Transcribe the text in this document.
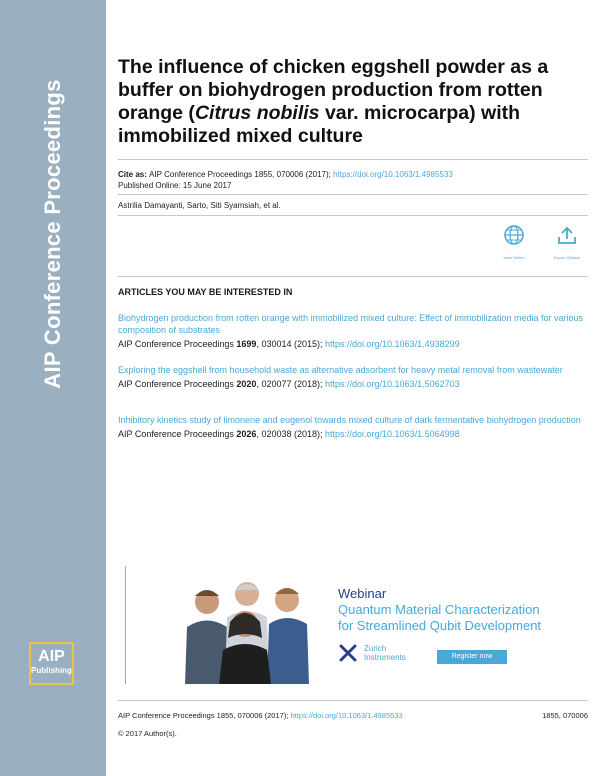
AIP Conference Proceedings
AIP
Publishing
The influence of chicken eggshell powder as a buffer on biohydrogen production from rotten orange (Citrus nobilis var. microcarpa) with immobilized mixed culture
Cite as: AIP Conference Proceedings 1855, 070006 (2017); https://doi.org/10.1063/1.4985533
Published Online: 15 June 2017
Astrilia Damayanti, Sarto, Siti Syamsiah, et al.
View Online	Export Citation
ARTICLES YOU MAY BE INTERESTED IN
Biohydrogen production from rotten orange with immobilized mixed culture: Effect of immobilization media for various composition of substrates
AIP Conference Proceedings 1699, 030014 (2015); https://doi.org/10.1063/1.4938299
Exploring the eggshell from household waste as alternative adsorbent for heavy metal removal from wastewater
AIP Conference Proceedings 2020, 020077 (2018); https://doi.org/10.1063/1.5062703
Inhibitory kinetics study of limonene and eugenol towards mixed culture of dark fermentative biohydrogen production
AIP Conference Proceedings 2026, 020038 (2018); https://doi.org/10.1063/1.5064998
Webinar
Quantum Material Characterization
for Streamlined Qubit Development
Zurich
Instruments	Register now
AIP Conference Proceedings 1855, 070006 (2017); https://doi.org/10.1063/1.4985533	1855, 070006
© 2017 Author(s).
